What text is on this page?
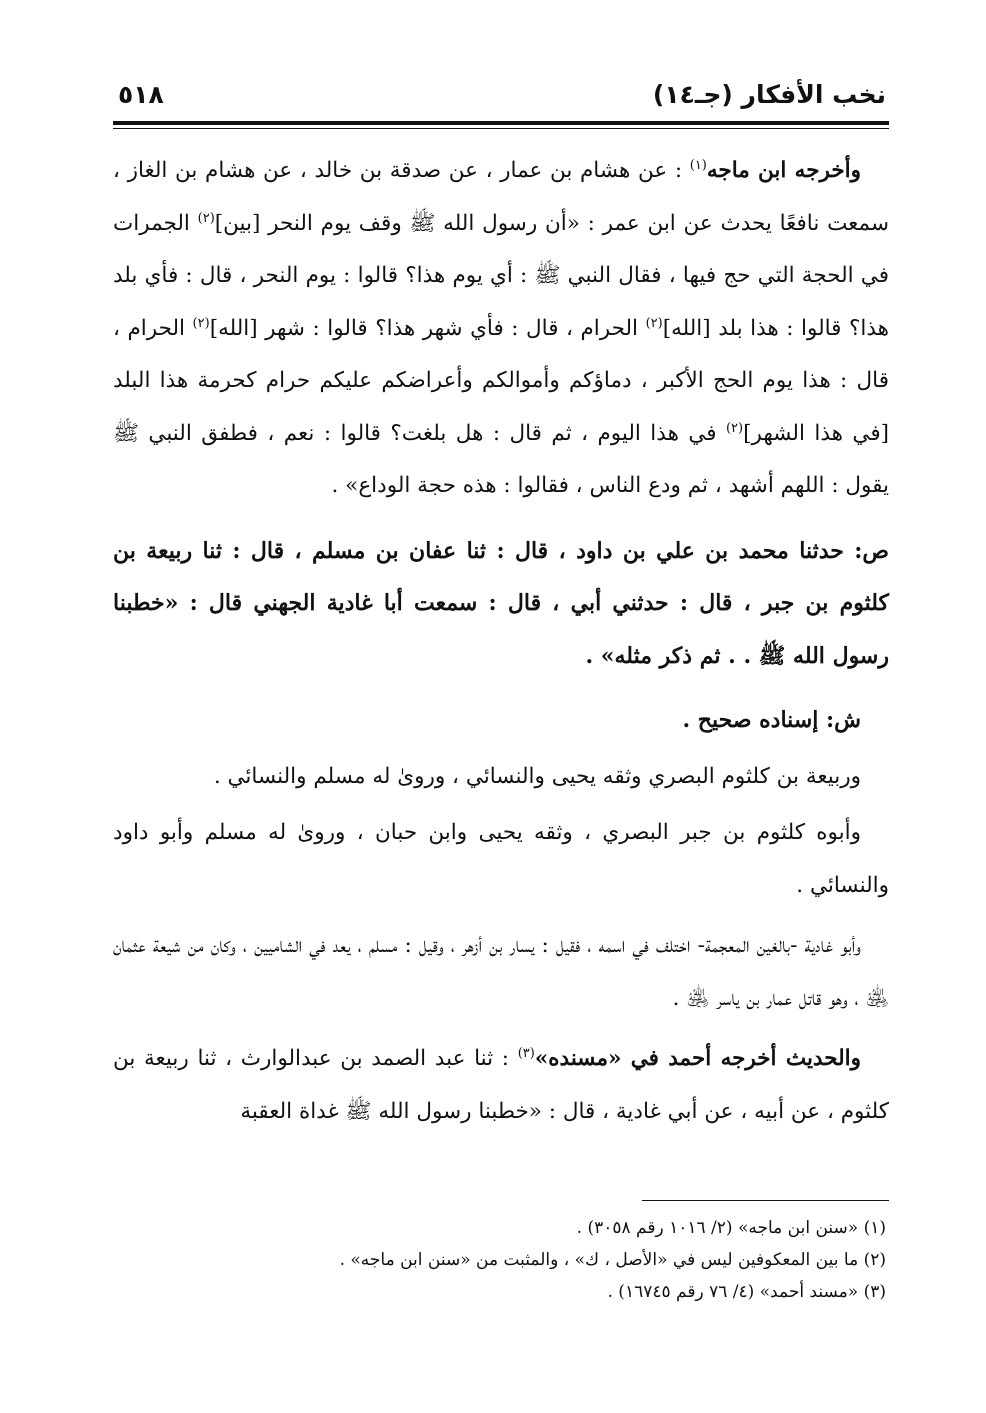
٥١٨	نخب الأفكار (جـ١٤)

وأخرجه ابن ماجه$^{(١)}$ : عن هشام بن عمار ، عن صدقة بن خالد ، عن هشام بن الغاز ، سمعت نافعًا يحدث عن ابن عمر : «أن رسول الله ﷺ وقف يوم النحر [بين]$^{(٢)}$ الجمرات في الحجة التي حج فيها ، فقال النبي ﷺ : أي يوم هذا؟ قالوا : يوم النحر ، قال : فأي بلد هذا؟ قالوا : هذا بلد [الله]$^{(٢)}$ الحرام ، قال : فأي شهر هذا؟ قالوا : شهر [الله]$^{(٢)}$ الحرام ، قال : هذا يوم الحج الأكبر ، دماؤكم وأموالكم وأعراضكم عليكم حرام كحرمة هذا البلد [في هذا الشهر]$^{(٢)}$ في هذا اليوم ، ثم قال : هل بلغت؟ قالوا : نعم ، فطفق النبي ﷺ يقول : اللهم أشهد ، ثم ودع الناس ، فقالوا : هذه حجة الوداع» .

ص: حدثنا محمد بن علي بن داود ، قال : ثنا عفان بن مسلم ، قال : ثنا ربيعة بن كلثوم بن جبر ، قال : حدثني أبي ، قال : سمعت أبا غادية الجهني قال : «خطبنا رسول الله ﷺ . . ثم ذكر مثله» .

ش: إسناده صحيح .

وربيعة بن كلثوم البصري وثقه يحيى والنسائي ، وروىٰ له مسلم والنسائي .

وأبوه كلثوم بن جبر البصري ، وثقه يحيى وابن حبان ، وروىٰ له مسلم وأبو داود والنسائي .

وأبو غادية -بالغين المعجمة- اختلف في اسمه ، فقيل : يسار بن أزهر ، وقيل : مسلم ، يعد في الشاميين ، وكان من شيعة عثمان ﵁ ، وهو قاتل عمار بن ياسر ﵁ .

والحديث أخرجه أحمد في «مسنده»$^{(٣)}$ : ثنا عبد الصمد بن عبدالوارث ، ثنا ربيعة بن كلثوم ، عن أبيه ، عن أبي غادية ، قال : «خطبنا رسول الله ﷺ غداة العقبة

(١) «سنن ابن ماجه» (٢/ ١٠١٦ رقم ٣٠٥٨) .

(٢) ما بين المعكوفين ليس في «الأصل ، ك» ، والمثبت من «سنن ابن ماجه» .

(٣) «مسند أحمد» (٤/ ٧٦ رقم ١٦٧٤٥) .
